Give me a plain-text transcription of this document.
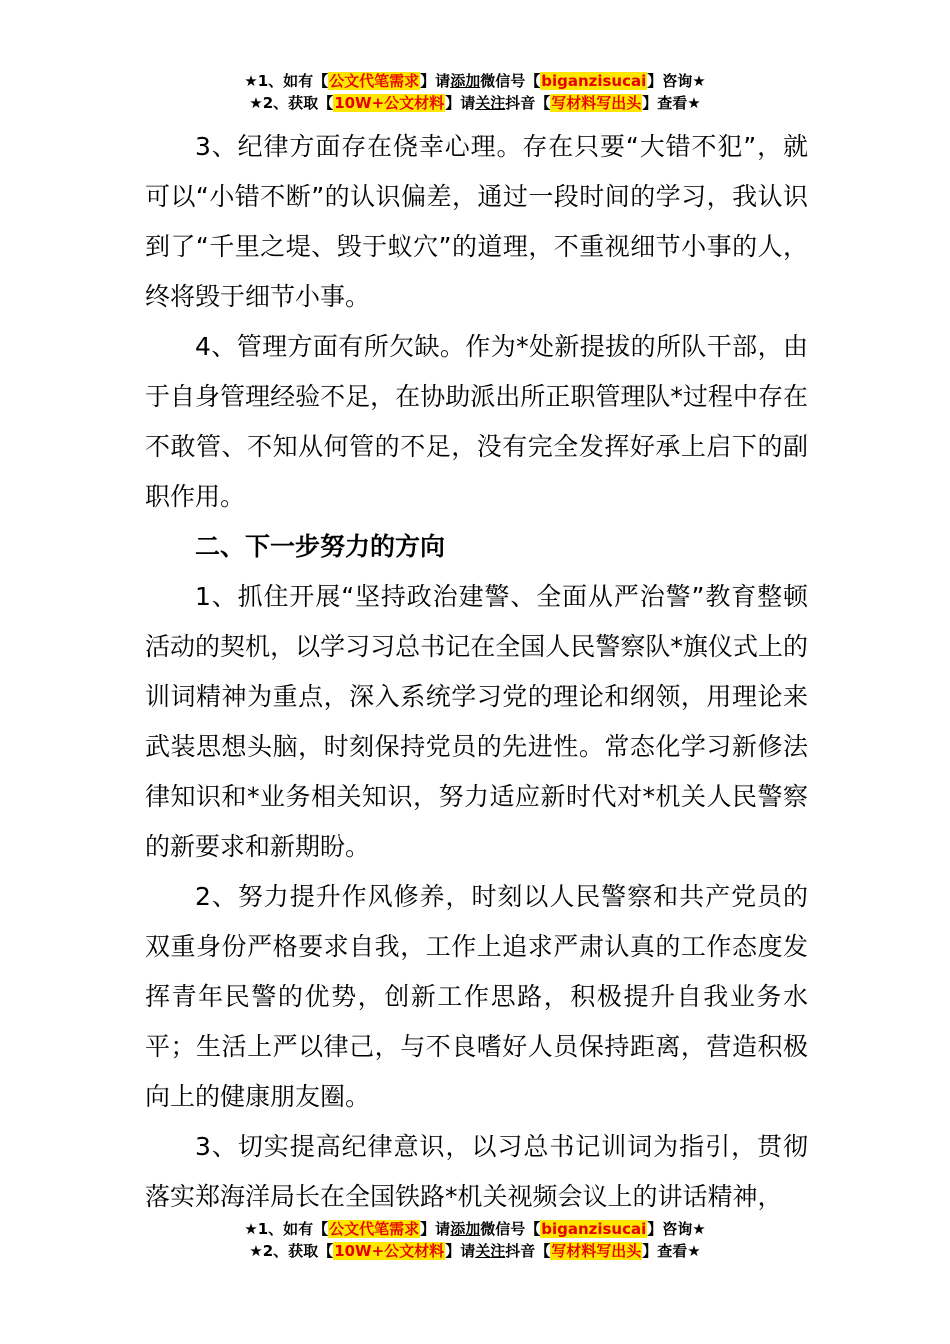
★1、如有【公文代笔需求】请添加微信号【biganzisucai】咨询★
★2、获取【10W+公文材料】请关注抖音【写材料写出头】查看★

3、纪律方面存在侥幸心理。存在只要“大错不犯”，就可以“小错不断”的认识偏差，通过一段时间的学习，我认识到了“千里之堤、毁于蚁穴”的道理，不重视细节小事的人，终将毁于细节小事。

4、管理方面有所欠缺。作为*处新提拔的所队干部，由于自身管理经验不足，在协助派出所正职管理队*过程中存在不敢管、不知从何管的不足，没有完全发挥好承上启下的副职作用。

二、下一步努力的方向

1、抓住开展“坚持政治建警、全面从严治警”教育整顿活动的契机，以学习习总书记在全国人民警察队*旗仪式上的训词精神为重点，深入系统学习党的理论和纲领，用理论来武装思想头脑，时刻保持党员的先进性。常态化学习新修法律知识和*业务相关知识，努力适应新时代对*机关人民警察的新要求和新期盼。

2、努力提升作风修养，时刻以人民警察和共产党员的双重身份严格要求自我，工作上追求严肃认真的工作态度发挥青年民警的优势，创新工作思路，积极提升自我业务水平；生活上严以律己，与不良嗜好人员保持距离，营造积极向上的健康朋友圈。

3、切实提高纪律意识，以习总书记训词为指引，贯彻落实郑海洋局长在全国铁路*机关视频会议上的讲话精神，

★1、如有【公文代笔需求】请添加微信号【biganzisucai】咨询★
★2、获取【10W+公文材料】请关注抖音【写材料写出头】查看★
